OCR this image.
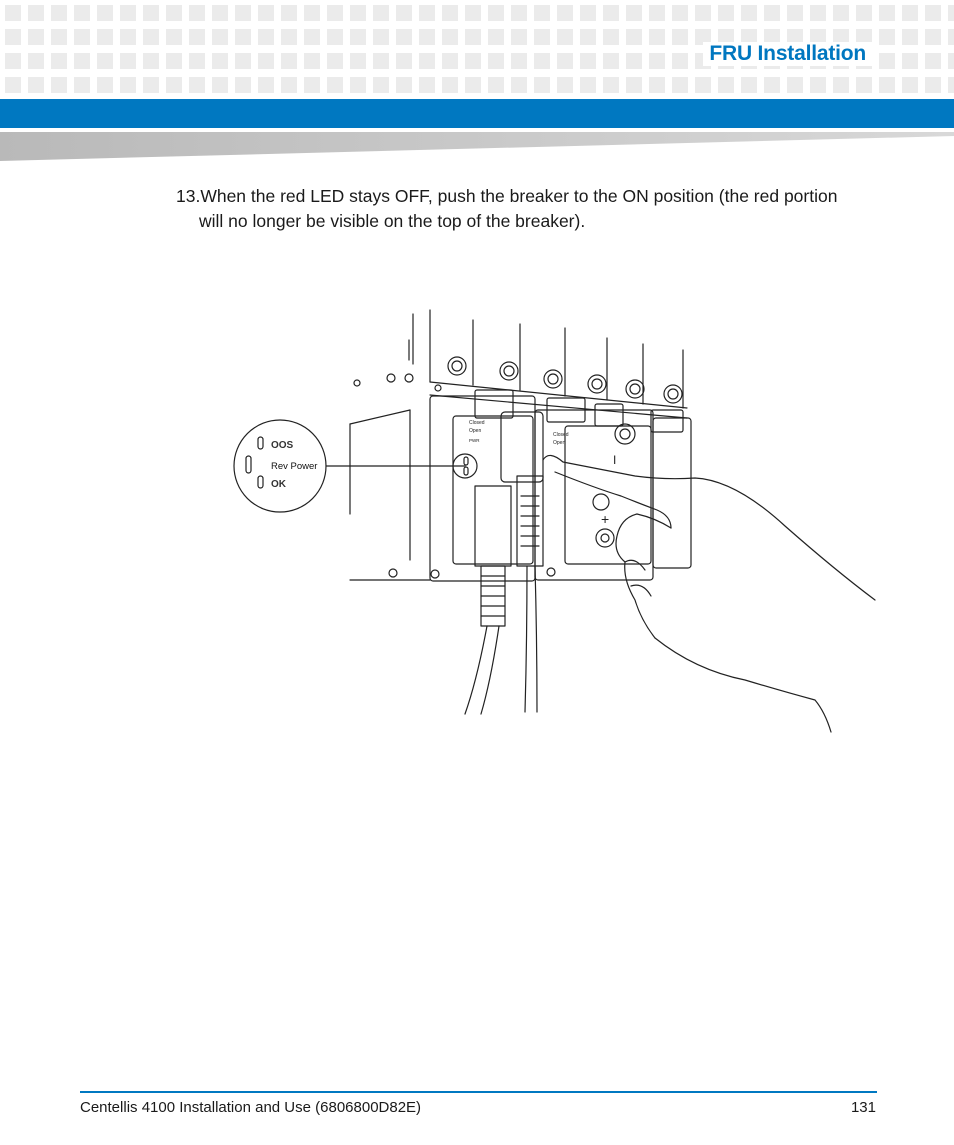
FRU Installation
13.When the red LED stays OFF, push the breaker to the ON position (the red portion
will no longer be visible on the top of the breaker).
Closed
Open
Closed
Open
PWR
I
+
OOS
Rev Power
OK
Centellis 4100 Installation and Use (6806800D82E)	131
